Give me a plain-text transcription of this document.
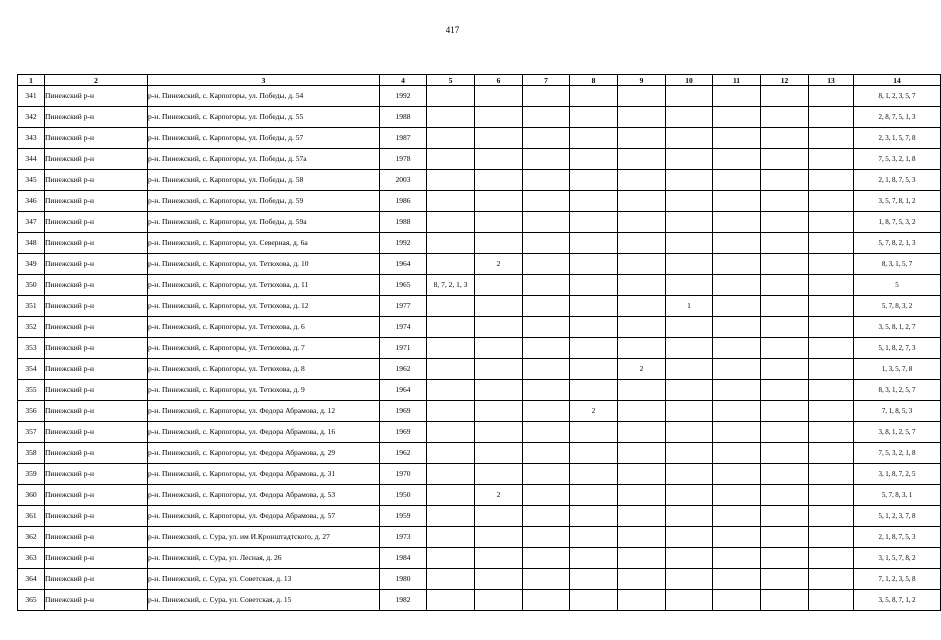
417
1	2	3	4	5	6	7	8	9	10	11	12	13	14
341	Пинежский р-н	р-н. Пинежский, с. Карпогоры, ул. Победы, д. 54	1992										8, 1, 2, 3, 5, 7
342	Пинежский р-н	р-н. Пинежский, с. Карпогоры, ул. Победы, д. 55	1988										2, 8, 7, 5, 1, 3
343	Пинежский р-н	р-н. Пинежский, с. Карпогоры, ул. Победы, д. 57	1987										2, 3, 1, 5, 7, 8
344	Пинежский р-н	р-н. Пинежский, с. Карпогоры, ул. Победы, д. 57а	1978										7, 5, 3, 2, 1, 8
345	Пинежский р-н	р-н. Пинежский, с. Карпогоры, ул. Победы, д. 58	2003										2, 1, 8, 7, 5, 3
346	Пинежский р-н	р-н. Пинежский, с. Карпогоры, ул. Победы, д. 59	1986										3, 5, 7, 8, 1, 2
347	Пинежский р-н	р-н. Пинежский, с. Карпогоры, ул. Победы, д. 59а	1988										1, 8, 7, 5, 3, 2
348	Пинежский р-н	р-н. Пинежский, с. Карпогоры, ул. Северная, д. 6а	1992										5, 7, 8, 2, 1, 3
349	Пинежский р-н	р-н. Пинежский, с. Карпогоры, ул. Тетюхова, д. 10	1964		2								8, 3, 1, 5, 7
350	Пинежский р-н	р-н. Пинежский, с. Карпогоры, ул. Тетюхова, д. 11	1965	8, 7, 2, 1, 3									5
351	Пинежский р-н	р-н. Пинежский, с. Карпогоры, ул. Тетюхова, д. 12	1977						1				5, 7, 8, 3, 2
352	Пинежский р-н	р-н. Пинежский, с. Карпогоры, ул. Тетюхова, д. 6	1974										3, 5, 8, 1, 2, 7
353	Пинежский р-н	р-н. Пинежский, с. Карпогоры, ул. Тетюхова, д. 7	1971										5, 1, 8, 2, 7, 3
354	Пинежский р-н	р-н. Пинежский, с. Карпогоры, ул. Тетюхова, д. 8	1962					2					1, 3, 5, 7, 8
355	Пинежский р-н	р-н. Пинежский, с. Карпогоры, ул. Тетюхова, д. 9	1964										8, 3, 1, 2, 5, 7
356	Пинежский р-н	р-н. Пинежский, с. Карпогоры, ул. Федора Абрамова, д. 12	1969				2						7, 1, 8, 5, 3
357	Пинежский р-н	р-н. Пинежский, с. Карпогоры, ул. Федора Абрамова, д. 16	1969										3, 8, 1, 2, 5, 7
358	Пинежский р-н	р-н. Пинежский, с. Карпогоры, ул. Федора Абрамова, д. 29	1962										7, 5, 3, 2, 1, 8
359	Пинежский р-н	р-н. Пинежский, с. Карпогоры, ул. Федора Абрамова, д. 31	1970										3, 1, 8, 7, 2, 5
360	Пинежский р-н	р-н. Пинежский, с. Карпогоры, ул. Федора Абрамова, д. 53	1950		2								5, 7, 8, 3, 1
361	Пинежский р-н	р-н. Пинежский, с. Карпогоры, ул. Федора Абрамова, д. 57	1959										5, 1, 2, 3, 7, 8
362	Пинежский р-н	р-н. Пинежский, с. Сура, ул. им И.Кронштадтского, д. 27	1973										2, 1, 8, 7, 5, 3
363	Пинежский р-н	р-н. Пинежский, с. Сура, ул. Лесная, д. 26	1984										3, 1, 5, 7, 8, 2
364	Пинежский р-н	р-н. Пинежский, с. Сура, ул. Советская, д. 13	1980										7, 1, 2, 3, 5, 8
365	Пинежский р-н	р-н. Пинежский, с. Сура, ул. Советская, д. 15	1982										3, 5, 8, 7, 1, 2
